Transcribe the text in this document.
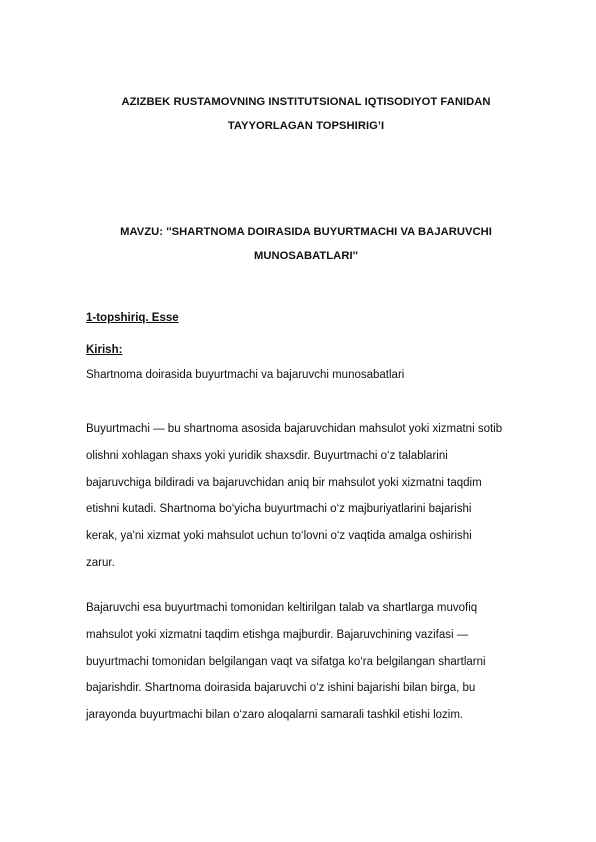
AZIZBEK RUSTAMOVNING INSTITUTSIONAL IQTISODIYOT FANIDAN
TAYYORLAGAN TOPSHIRIG’I
MAVZU: ''SHARTNOMA DOIRASIDA BUYURTMACHI VA BAJARUVCHI
MUNOSABATLARI''
1-topshiriq. Esse
Kirish:
Shartnoma doirasida buyurtmachi va bajaruvchi munosabatlari
Buyurtmachi — bu shartnoma asosida bajaruvchidan mahsulot yoki xizmatni sotib
olishni xohlagan shaxs yoki yuridik shaxsdir. Buyurtmachi o‘z talablarini
bajaruvchiga bildiradi va bajaruvchidan aniq bir mahsulot yoki xizmatni taqdim
etishni kutadi. Shartnoma bo‘yicha buyurtmachi o‘z majburiyatlarini bajarishi
kerak, ya'ni xizmat yoki mahsulot uchun to‘lovni o‘z vaqtida amalga oshirishi
zarur.
Bajaruvchi esa buyurtmachi tomonidan keltirilgan talab va shartlarga muvofiq
mahsulot yoki xizmatni taqdim etishga majburdir. Bajaruvchining vazifasi —
buyurtmachi tomonidan belgilangan vaqt va sifatga ko‘ra belgilangan shartlarni
bajarishdir. Shartnoma doirasida bajaruvchi o‘z ishini bajarishi bilan birga, bu
jarayonda buyurtmachi bilan o‘zaro aloqalarni samarali tashkil etishi lozim.
